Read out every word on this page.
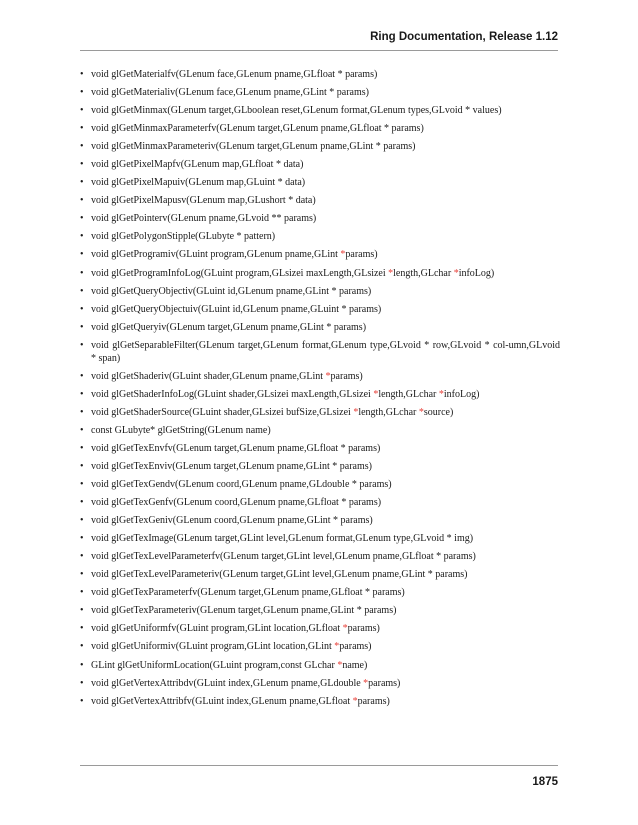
Ring Documentation, Release 1.12
• void glGetMaterialfv(GLenum face,GLenum pname,GLfloat * params)
• void glGetMaterialiv(GLenum face,GLenum pname,GLint * params)
• void glGetMinmax(GLenum target,GLboolean reset,GLenum format,GLenum types,GLvoid * values)
• void glGetMinmaxParameterfv(GLenum target,GLenum pname,GLfloat * params)
• void glGetMinmaxParameteriv(GLenum target,GLenum pname,GLint * params)
• void glGetPixelMapfv(GLenum map,GLfloat * data)
• void glGetPixelMapuiv(GLenum map,GLuint * data)
• void glGetPixelMapusv(GLenum map,GLushort * data)
• void glGetPointerv(GLenum pname,GLvoid ** params)
• void glGetPolygonStipple(GLubyte * pattern)
• void glGetProgramiv(GLuint program,GLenum pname,GLint *params)
• void glGetProgramInfoLog(GLuint program,GLsizei maxLength,GLsizei *length,GLchar *infoLog)
• void glGetQueryObjectiv(GLuint id,GLenum pname,GLint * params)
• void glGetQueryObjectuiv(GLuint id,GLenum pname,GLuint * params)
• void glGetQueryiv(GLenum target,GLenum pname,GLint * params)
• void glGetSeparableFilter(GLenum target,GLenum format,GLenum type,GLvoid * row,GLvoid * col-umn,GLvoid * span)
• void glGetShaderiv(GLuint shader,GLenum pname,GLint *params)
• void glGetShaderInfoLog(GLuint shader,GLsizei maxLength,GLsizei *length,GLchar *infoLog)
• void glGetShaderSource(GLuint shader,GLsizei bufSize,GLsizei *length,GLchar *source)
• const GLubyte* glGetString(GLenum name)
• void glGetTexEnvfv(GLenum target,GLenum pname,GLfloat * params)
• void glGetTexEnviv(GLenum target,GLenum pname,GLint * params)
• void glGetTexGendv(GLenum coord,GLenum pname,GLdouble * params)
• void glGetTexGenfv(GLenum coord,GLenum pname,GLfloat * params)
• void glGetTexGeniv(GLenum coord,GLenum pname,GLint * params)
• void glGetTexImage(GLenum target,GLint level,GLenum format,GLenum type,GLvoid * img)
• void glGetTexLevelParameterfv(GLenum target,GLint level,GLenum pname,GLfloat * params)
• void glGetTexLevelParameteriv(GLenum target,GLint level,GLenum pname,GLint * params)
• void glGetTexParameterfv(GLenum target,GLenum pname,GLfloat * params)
• void glGetTexParameteriv(GLenum target,GLenum pname,GLint * params)
• void glGetUniformfv(GLuint program,GLint location,GLfloat *params)
• void glGetUniformiv(GLuint program,GLint location,GLint *params)
• GLint glGetUniformLocation(GLuint program,const GLchar *name)
• void glGetVertexAttribdv(GLuint index,GLenum pname,GLdouble *params)
• void glGetVertexAttribfv(GLuint index,GLenum pname,GLfloat *params)
1875
